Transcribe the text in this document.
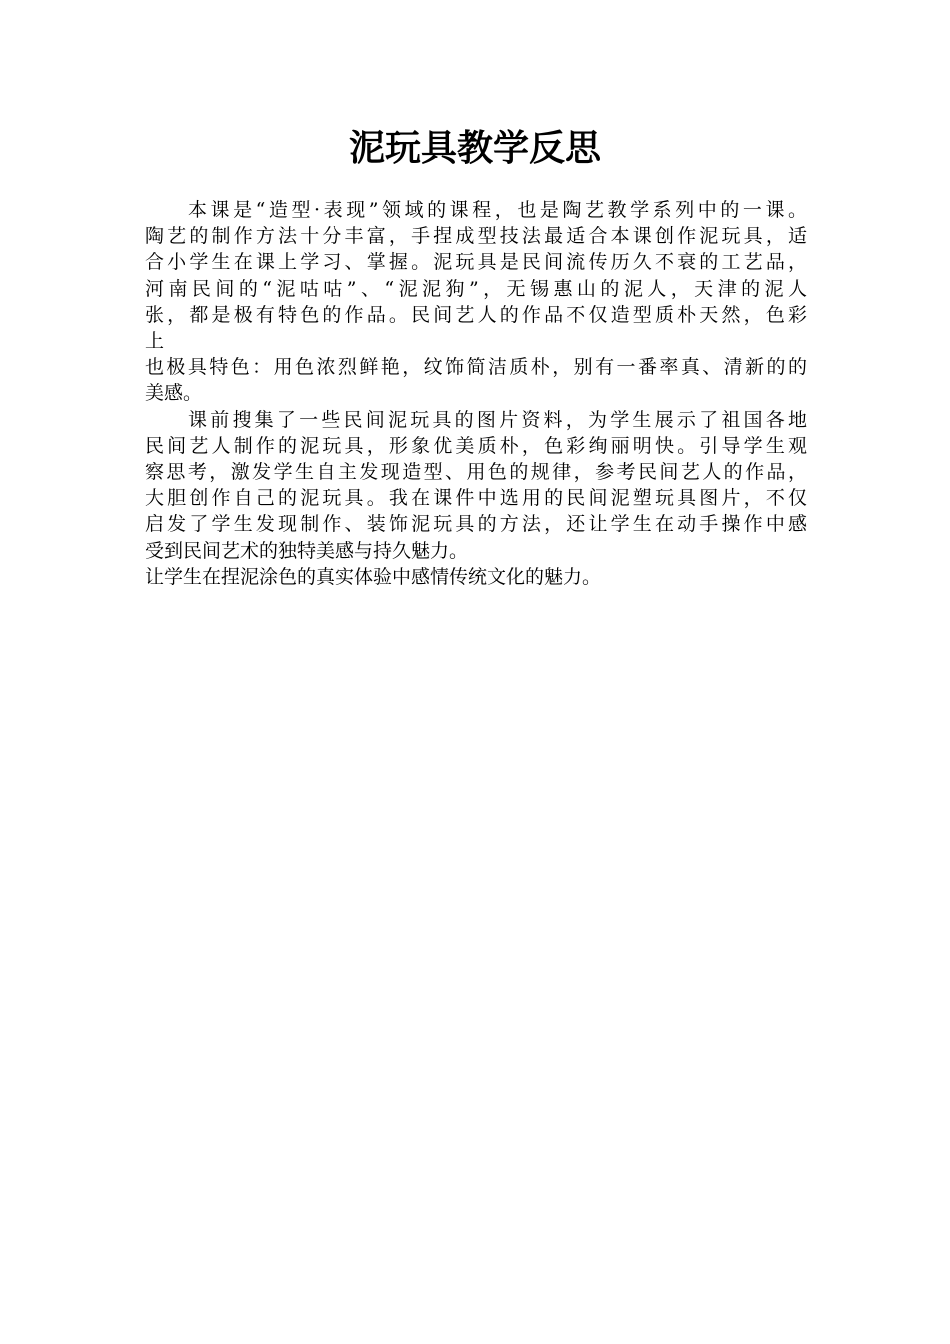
泥玩具教学反思
本课是“造型·表现”领域的课程，也是陶艺教学系列中的一课。
陶艺的制作方法十分丰富，手捏成型技法最适合本课创作泥玩具，适
合小学生在课上学习、掌握。泥玩具是民间流传历久不衰的工艺品，
河南民间的“泥咕咕”、“泥泥狗”，无锡惠山的泥人，天津的泥人
张，都是极有特色的作品。民间艺人的作品不仅造型质朴天然，色彩
上
也极具特色：用色浓烈鲜艳，纹饰简洁质朴，别有一番率真、清新的的
美感。
课前搜集了一些民间泥玩具的图片资料，为学生展示了祖国各地
民间艺人制作的泥玩具，形象优美质朴，色彩绚丽明快。引导学生观
察思考，激发学生自主发现造型、用色的规律，参考民间艺人的作品，
大胆创作自己的泥玩具。我在课件中选用的民间泥塑玩具图片，不仅
启发了学生发现制作、装饰泥玩具的方法，还让学生在动手操作中感
受到民间艺术的独特美感与持久魅力。
让学生在捏泥涂色的真实体验中感情传统文化的魅力。
